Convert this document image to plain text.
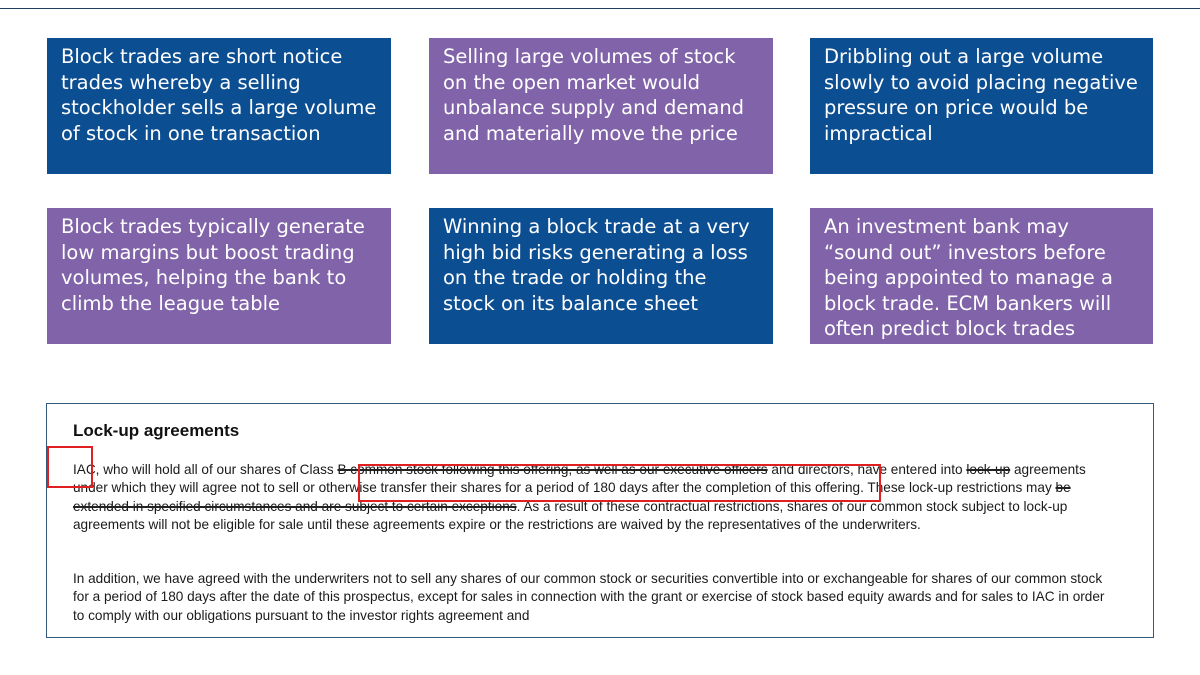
Block trades are short notice trades whereby a selling stockholder sells a large volume of stock in one transaction
Selling large volumes of stock on the open market would unbalance supply and demand and materially move the price
Dribbling out a large volume slowly to avoid placing negative pressure on price would be impractical
Block trades typically generate low margins but boost trading volumes, helping the bank to climb the league table
Winning a block trade at a very high bid risks generating a loss on the trade or holding the stock on its balance sheet
An investment bank may “sound out” investors before being appointed to manage a block trade. ECM bankers will often predict block trades
Lock-up agreements

IAC, who will hold all of our shares of Class B common stock following this offering, as well as our executive officers and directors, have entered into lock-up agreements under which they will agree not to sell or otherwise transfer their shares for a period of 180 days after the completion of this offering. These lock-up restrictions may be extended in specified circumstances and are subject to certain exceptions. As a result of these contractual restrictions, shares of our common stock subject to lock-up agreements will not be eligible for sale until these agreements expire or the restrictions are waived by the representatives of the underwriters.

In addition, we have agreed with the underwriters not to sell any shares of our common stock or securities convertible into or exchangeable for shares of our common stock for a period of 180 days after the date of this prospectus, except for sales in connection with the grant or exercise of stock based equity awards and for sales to IAC in order to comply with our obligations pursuant to the investor rights agreement and
